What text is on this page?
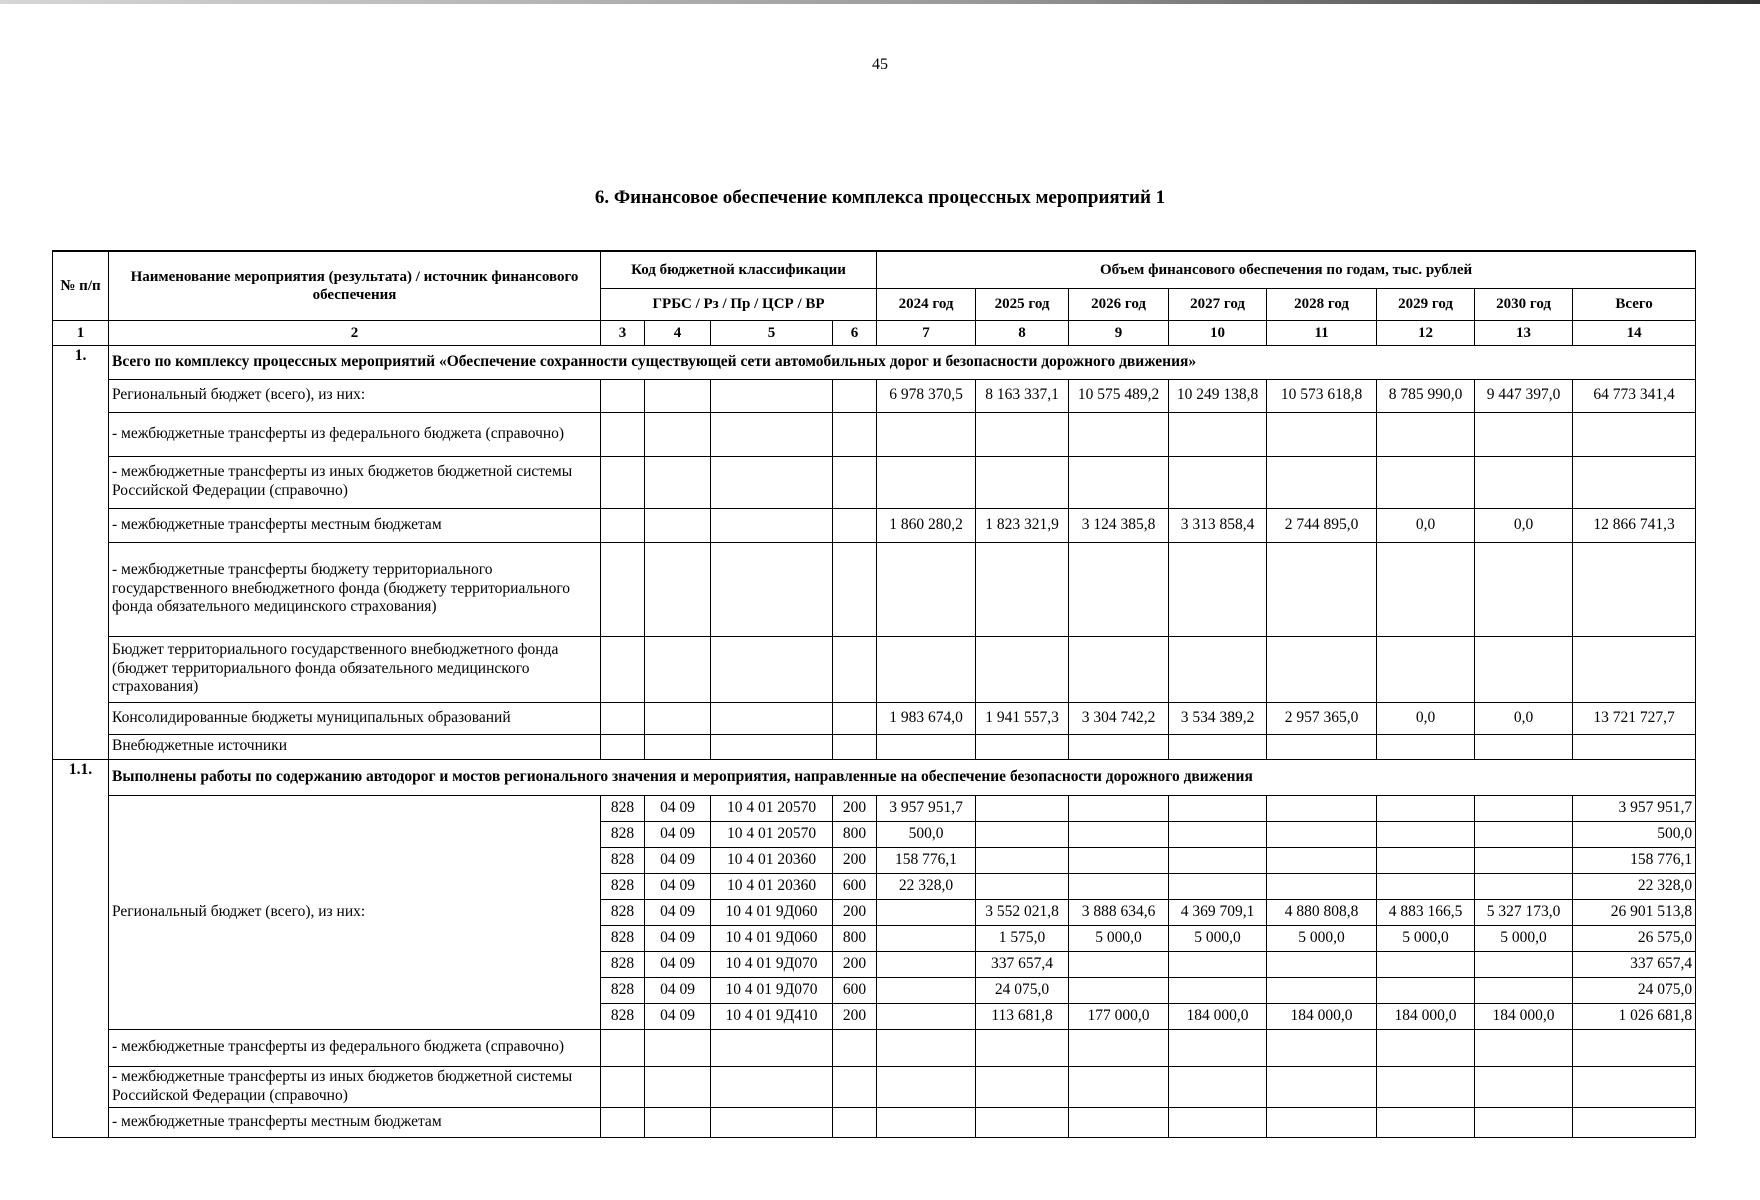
45
6. Финансовое обеспечение комплекса процессных мероприятий 1
№ п/п	Наименование мероприятия (результата) / источник финансового обеспечения	Код бюджетной классификации				Объем финансового обеспечения по годам, тыс. рублей							
		ГРБС / Рз / Пр / ЦСР / ВР				2024 год	2025 год	2026 год	2027 год	2028 год	2029 год	2030 год	Всего
1	2	3	4	5	6	7	8	9	10	11	12	13	14
1.	Всего по комплексу процессных мероприятий «Обеспечение сохранности существующей сети автомобильных дорог и безопасности дорожного движения»												
	Региональный бюджет (всего), из них:					6 978 370,5	8 163 337,1	10 575 489,2	10 249 138,8	10 573 618,8	8 785 990,0	9 447 397,0	64 773 341,4
	- межбюджетные трансферты из федерального бюджета (справочно)												
	- межбюджетные трансферты из иных бюджетов бюджетной системы Российской Федерации (справочно)												
	- межбюджетные трансферты местным бюджетам					1 860 280,2	1 823 321,9	3 124 385,8	3 313 858,4	2 744 895,0	0,0	0,0	12 866 741,3
	- межбюджетные трансферты бюджету территориального государственного внебюджетного фонда (бюджету территориального фонда обязательного медицинского страхования)												
	Бюджет территориального государственного внебюджетного фонда (бюджет территориального фонда обязательного медицинского страхования)												
	Консолидированные бюджеты муниципальных образований					1 983 674,0	1 941 557,3	3 304 742,2	3 534 389,2	2 957 365,0	0,0	0,0	13 721 727,7
	Внебюджетные источники												
1.1.	Выполнены работы по содержанию автодорог и мостов регионального значения и мероприятия, направленные на обеспечение безопасности дорожного движения												
	Региональный бюджет (всего), из них:	828	04 09	10 4 01 20570	200	3 957 951,7							3 957 951,7
		828	04 09	10 4 01 20570	800	500,0							500,0
		828	04 09	10 4 01 20360	200	158 776,1							158 776,1
		828	04 09	10 4 01 20360	600	22 328,0							22 328,0
		828	04 09	10 4 01 9Д060	200		3 552 021,8	3 888 634,6	4 369 709,1	4 880 808,8	4 883 166,5	5 327 173,0	26 901 513,8
		828	04 09	10 4 01 9Д060	800		1 575,0	5 000,0	5 000,0	5 000,0	5 000,0	5 000,0	26 575,0
		828	04 09	10 4 01 9Д070	200		337 657,4						337 657,4
		828	04 09	10 4 01 9Д070	600		24 075,0						24 075,0
		828	04 09	10 4 01 9Д410	200		113 681,8	177 000,0	184 000,0	184 000,0	184 000,0	184 000,0	1 026 681,8
	- межбюджетные трансферты из федерального бюджета (справочно)												
	- межбюджетные трансферты из иных бюджетов бюджетной системы Российской Федерации (справочно)												
	- межбюджетные трансферты местным бюджетам												
